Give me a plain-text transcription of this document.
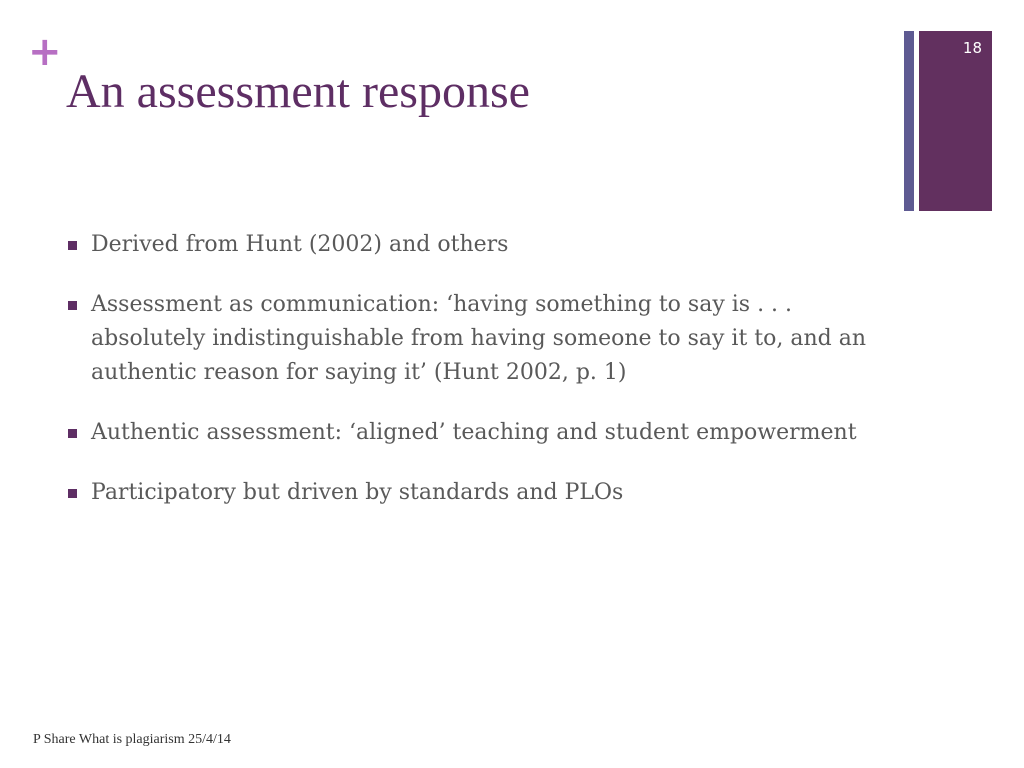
+
An assessment response
18
Derived from Hunt (2002) and others
Assessment as communication: ‘having something to say is . . . absolutely indistinguishable from having someone to say it to, and an authentic reason for saying it’ (Hunt 2002, p. 1)
Authentic assessment: ‘aligned’ teaching and student empowerment
Participatory but driven by standards and PLOs
P Share What is plagiarism 25/4/14
